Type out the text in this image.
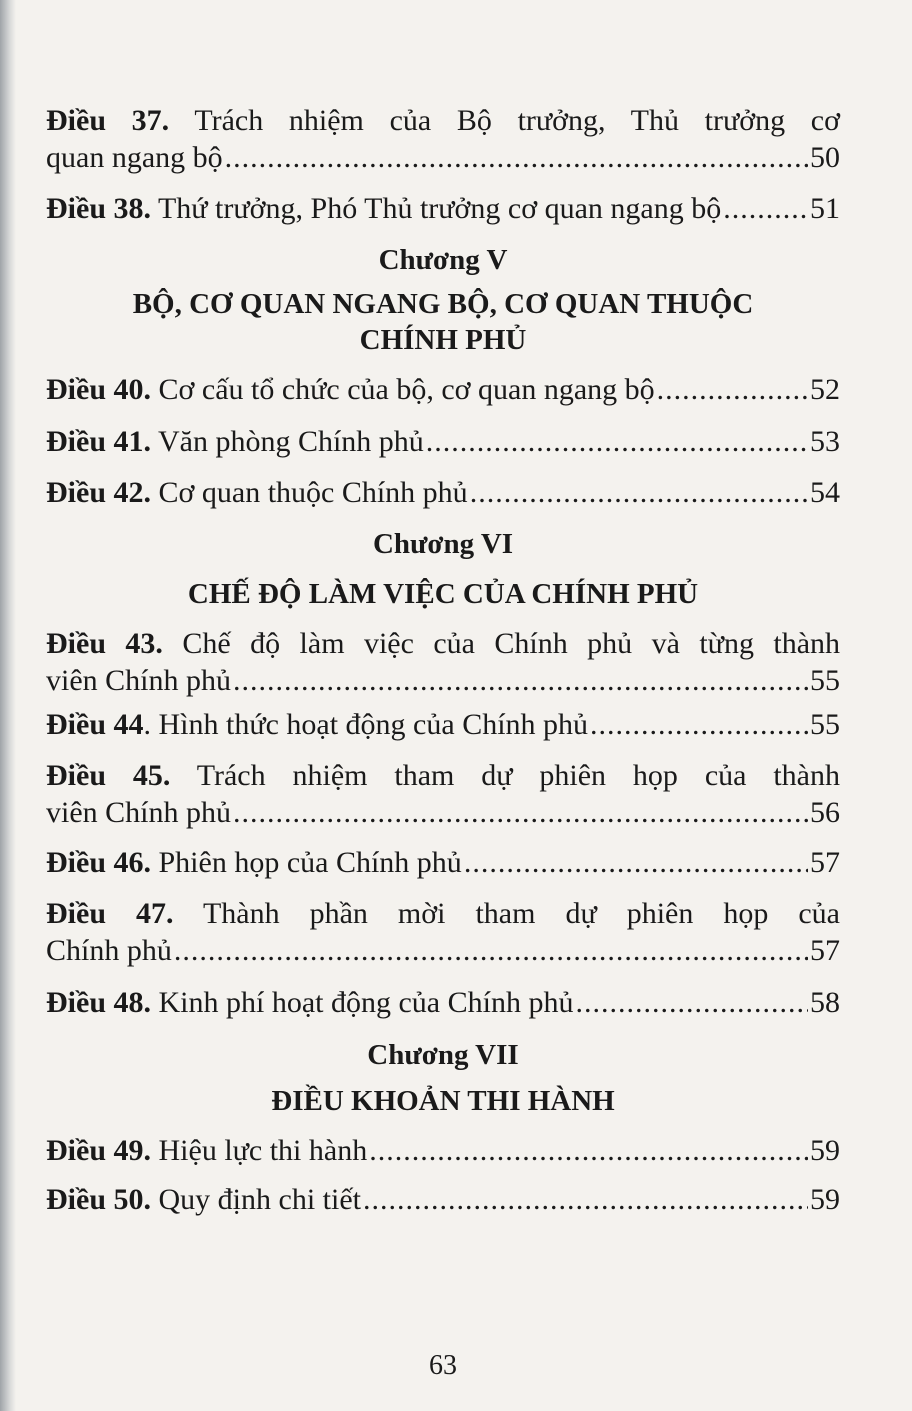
Điều 37. Trách nhiệm của Bộ trưởng, Thủ trưởng cơ
quan ngang bộ .....	50
Điều 38. Thứ trưởng, Phó Thủ trưởng cơ quan ngang bộ .....	51
Chương V
BỘ, CƠ QUAN NGANG BỘ, CƠ QUAN THUỘC
CHÍNH PHỦ
Điều 40. Cơ cấu tổ chức của bộ, cơ quan ngang bộ .....	52
Điều 41. Văn phòng Chính phủ .....	53
Điều 42. Cơ quan thuộc Chính phủ .....	54
Chương VI
CHẾ ĐỘ LÀM VIỆC CỦA CHÍNH PHỦ
Điều 43. Chế độ làm việc của Chính phủ và từng thành
viên Chính phủ .....	55
Điều 44. Hình thức hoạt động của Chính phủ .....	55
Điều 45. Trách nhiệm tham dự phiên họp của thành
viên Chính phủ .....	56
Điều 46. Phiên họp của Chính phủ .....	57
Điều 47. Thành phần mời tham dự phiên họp của
Chính phủ .....	57
Điều 48. Kinh phí hoạt động của Chính phủ .....	58
Chương VII
ĐIỀU KHOẢN THI HÀNH
Điều 49. Hiệu lực thi hành .....	59
Điều 50. Quy định chi tiết .....	59
63
